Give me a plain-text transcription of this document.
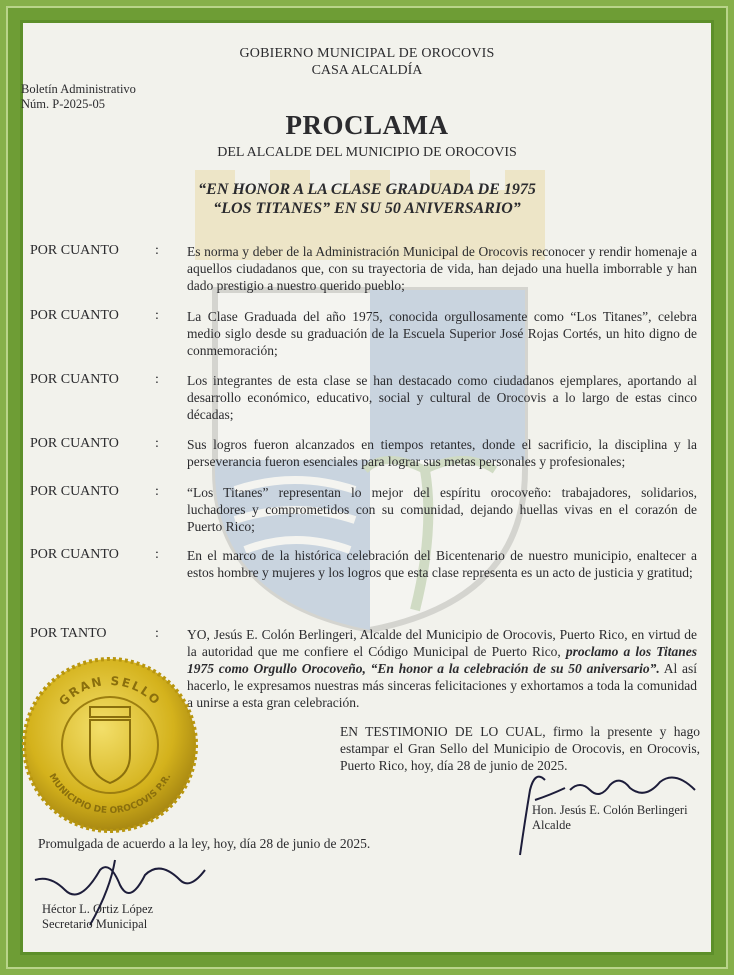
GOBIERNO MUNICIPAL DE OROCOVIS
CASA ALCALDÍA
Boletín Administrativo
Núm. P-2025-05
PROCLAMA
DEL ALCALDE DEL MUNICIPIO DE OROCOVIS
“EN HONOR A LA CLASE GRADUADA DE 1975
“LOS TITANES” EN SU 50 ANIVERSARIO”
POR CUANTO	: Es norma y deber de la Administración Municipal de Orocovis reconocer y rendir homenaje a aquellos ciudadanos que, con su trayectoria de vida, han dejado una huella imborrable y han dado prestigio a nuestro querido pueblo;
POR CUANTO	: La Clase Graduada del año 1975, conocida orgullosamente como “Los Titanes”, celebra medio siglo desde su graduación de la Escuela Superior José Rojas Cortés, un hito digno de conmemoración;
POR CUANTO	: Los integrantes de esta clase se han destacado como ciudadanos ejemplares, aportando al desarrollo económico, educativo, social y cultural de Orocovis a lo largo de estas cinco décadas;
POR CUANTO	: Sus logros fueron alcanzados en tiempos retantes, donde el sacrificio, la disciplina y la perseverancia fueron esenciales para lograr sus metas personales y profesionales;
POR CUANTO	: “Los Titanes” representan lo mejor del espíritu orocoveño: trabajadores, solidarios, luchadores y comprometidos con su comunidad, dejando huellas vivas en el corazón de Puerto Rico;
POR CUANTO	: En el marco de la histórica celebración del Bicentenario de nuestro municipio, enaltecer a estos hombre y mujeres y los logros que esta clase representa es un acto de justicia y gratitud;
POR TANTO	: YO, Jesús E. Colón Berlingeri, Alcalde del Municipio de Orocovis, Puerto Rico, en virtud de la autoridad que me confiere el Código Municipal de Puerto Rico, proclamo a los Titanes 1975 como Orgullo Orocoveño, “En honor a la celebración de su 50 aniversario”. Al así hacerlo, le expresamos nuestras más sinceras felicitaciones y exhortamos a toda la comunidad a unirse a esta gran celebración.
EN TESTIMONIO DE LO CUAL, firmo la presente y hago estampar el Gran Sello del Municipio de Orocovis, en Orocovis, Puerto Rico, hoy, día 28 de junio de 2025.
Hon. Jesús E. Colón Berlingeri
Alcalde
Promulgada de acuerdo a la ley, hoy, día 28 de junio de 2025.
Héctor L. Ortiz López
Secretario Municipal
GRAN SELLO
MUNICIPIO DE OROCOVIS P.R.
